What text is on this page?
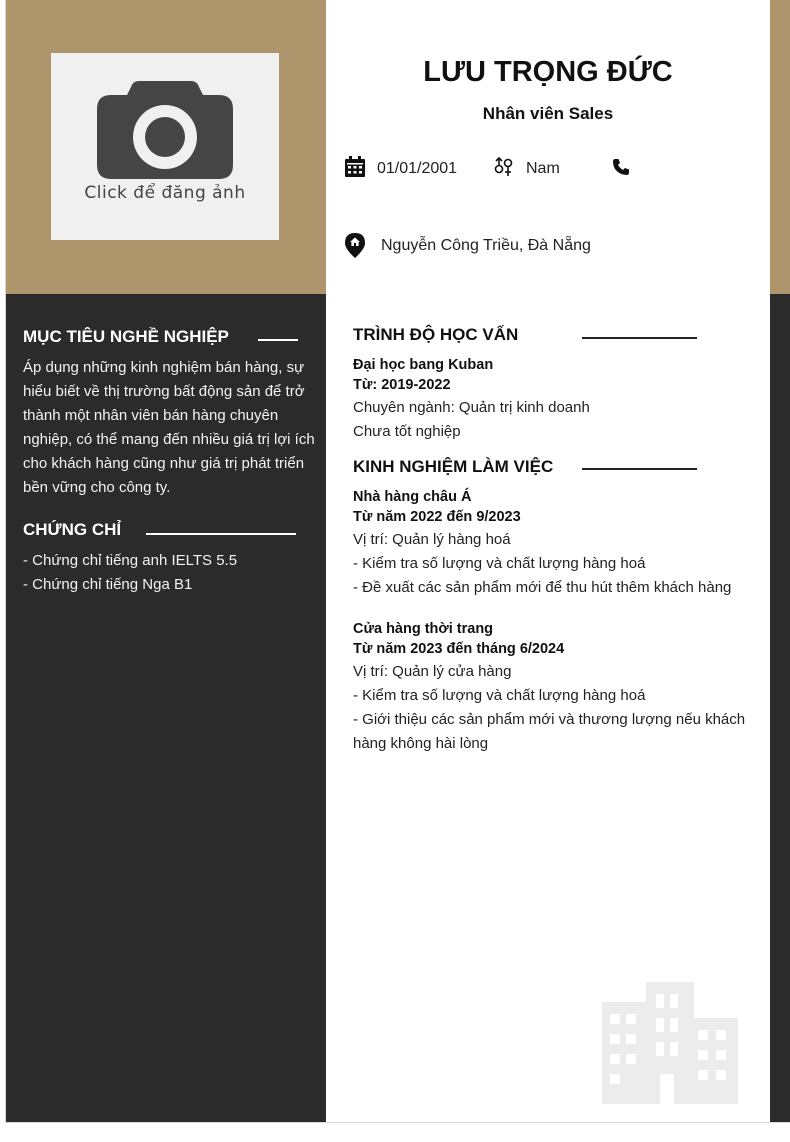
Click để đăng ảnh
LƯU TRỌNG ĐỨC
Nhân viên Sales
01/01/2001	Nam
Nguyễn Công Triều, Đà Nẵng
MỤC TIÊU NGHỀ NGHIỆP
Áp dụng những kinh nghiệm bán hàng, sự
hiểu biết về thị trường bất động sản để trở
thành một nhân viên bán hàng chuyên
nghiệp, có thể mang đến nhiều giá trị lợi ích
cho khách hàng cũng như giá trị phát triển
bền vững cho công ty.
CHỨNG CHỈ
- Chứng chỉ tiếng anh IELTS 5.5
- Chứng chỉ tiếng Nga B1
TRÌNH ĐỘ HỌC VẤN
Đại học bang Kuban
Từ: 2019-2022
Chuyên ngành: Quản trị kinh doanh
Chưa tốt nghiệp
KINH NGHIỆM LÀM VIỆC
Nhà hàng châu Á
Từ năm 2022 đến 9/2023
Vị trí: Quản lý hàng hoá
- Kiểm tra số lượng và chất lượng hàng hoá
- Đề xuất các sản phẩm mới để thu hút thêm khách hàng
Cửa hàng thời trang
Từ năm 2023 đến tháng 6/2024
Vị trí: Quản lý cửa hàng
- Kiểm tra số lượng và chất lượng hàng hoá
- Giới thiệu các sản phẩm mới và thương lượng nếu khách
hàng không hài lòng
